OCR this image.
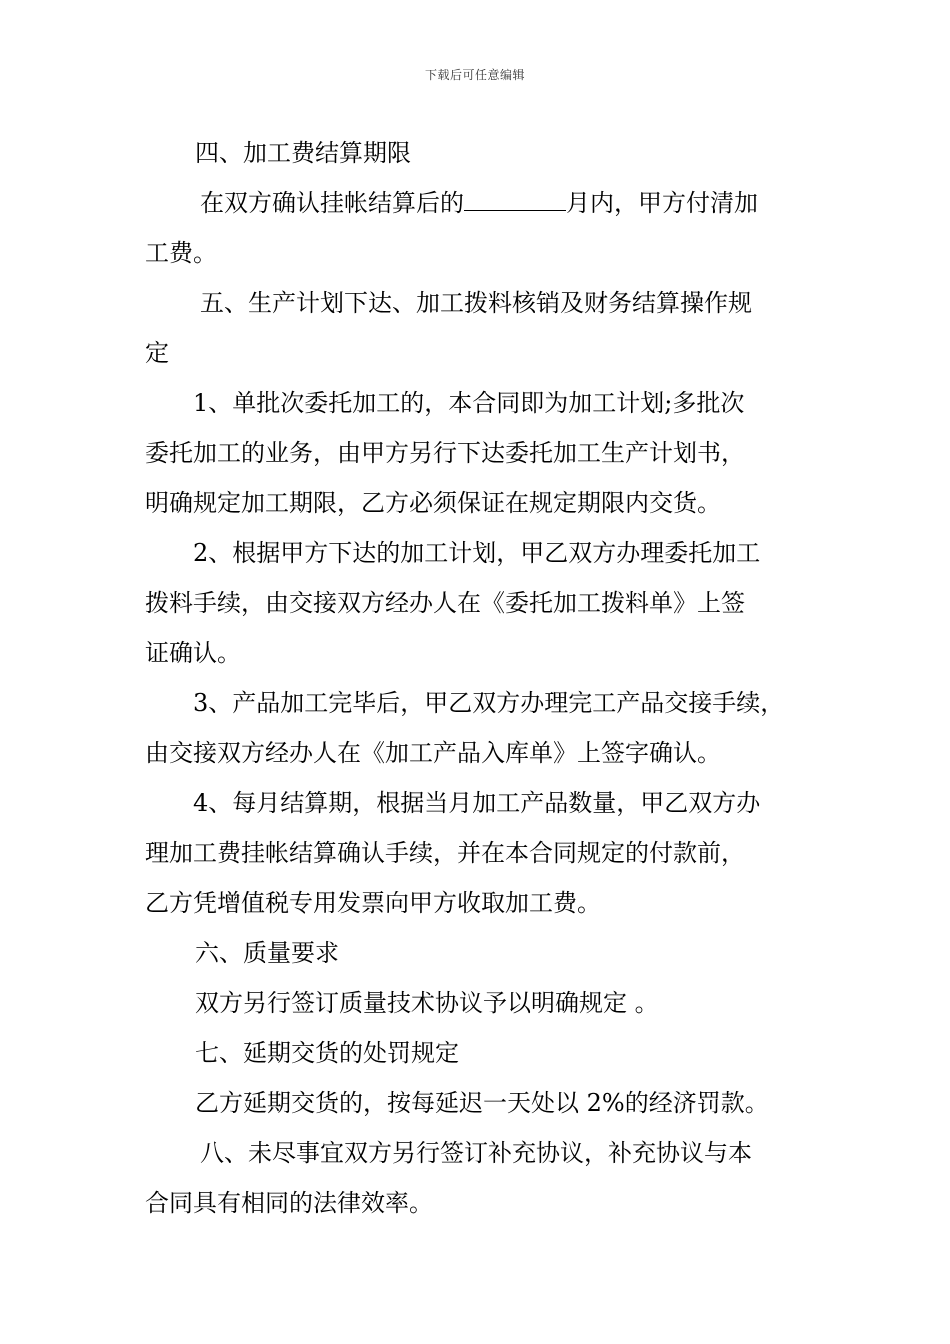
下载后可任意编辑

四、加工费结算期限

在双方确认挂帐结算后的	月内，甲方付清加

工费。

五、生产计划下达、加工拨料核销及财务结算操作规

定

1、单批次委托加工的，本合同即为加工计划;多批次

委托加工的业务，由甲方另行下达委托加工生产计划书，

明确规定加工期限，乙方必须保证在规定期限内交货。

2、根据甲方下达的加工计划，甲乙双方办理委托加工

拨料手续，由交接双方经办人在《委托加工拨料单》上签

证确认。

3、产品加工完毕后，甲乙双方办理完工产品交接手续，

由交接双方经办人在《加工产品入库单》上签字确认。

4、每月结算期，根据当月加工产品数量，甲乙双方办

理加工费挂帐结算确认手续，并在本合同规定的付款前，

乙方凭增值税专用发票向甲方收取加工费。

六、质量要求

双方另行签订质量技术协议予以明确规定 。

七、延期交货的处罚规定

乙方延期交货的，按每延迟一天处以 2%的经济罚款。

八、未尽事宜双方另行签订补充协议，补充协议与本

合同具有相同的法律效率。
